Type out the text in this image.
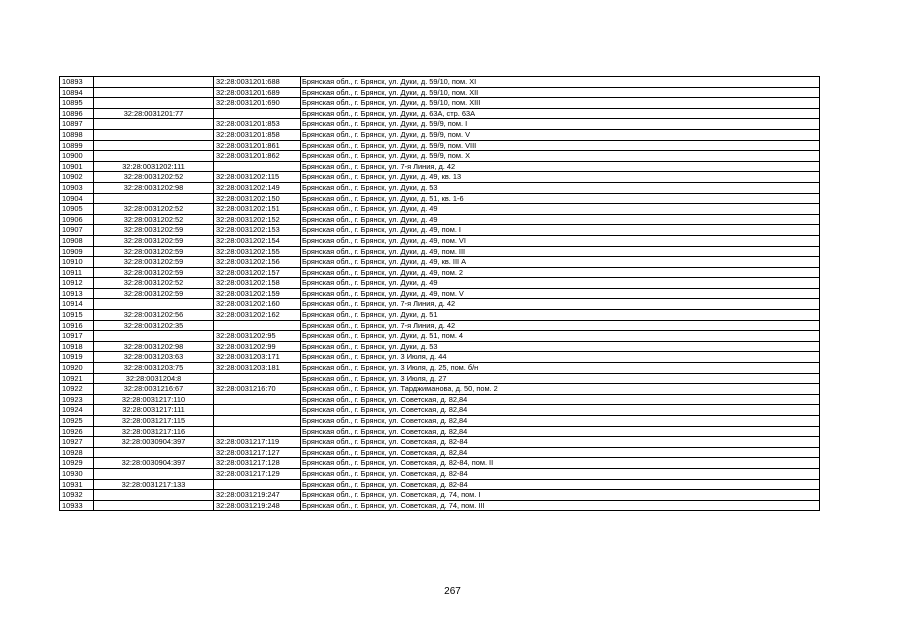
10893		32:28:0031201:688	Брянская обл., г. Брянск, ул. Дуки, д. 59/10, пом. XI
10894		32:28:0031201:689	Брянская обл., г. Брянск, ул. Дуки, д. 59/10, пом. XII
10895		32:28:0031201:690	Брянская обл., г. Брянск, ул. Дуки, д. 59/10, пом. XIII
10896	32:28:0031201:77		Брянская обл., г. Брянск, ул. Дуки, д. 63А, стр. 63А
10897		32:28:0031201:853	Брянская обл., г. Брянск, ул. Дуки, д. 59/9, пом. I
10898		32:28:0031201:858	Брянская обл., г. Брянск, ул. Дуки, д. 59/9, пом. V
10899		32:28:0031201:861	Брянская обл., г. Брянск, ул. Дуки, д. 59/9, пом. VIII
10900		32:28:0031201:862	Брянская обл., г. Брянск, ул. Дуки, д. 59/9, пом. X
10901	32:28:0031202:111		Брянская обл., г. Брянск, ул. 7-я Линия, д. 42
10902	32:28:0031202:52	32:28:0031202:115	Брянская обл., г. Брянск, ул. Дуки, д. 49, кв. 13
10903	32:28:0031202:98	32:28:0031202:149	Брянская обл., г. Брянск, ул. Дуки, д. 53
10904		32:28:0031202:150	Брянская обл., г. Брянск, ул. Дуки, д. 51, кв. 1-6
10905	32:28:0031202:52	32:28:0031202:151	Брянская обл., г. Брянск, ул. Дуки, д. 49
10906	32:28:0031202:52	32:28:0031202:152	Брянская обл., г. Брянск, ул. Дуки, д. 49
10907	32:28:0031202:59	32:28:0031202:153	Брянская обл., г. Брянск, ул. Дуки, д. 49, пом. I
10908	32:28:0031202:59	32:28:0031202:154	Брянская обл., г. Брянск, ул. Дуки, д. 49, пом. VI
10909	32:28:0031202:59	32:28:0031202:155	Брянская обл., г. Брянск, ул. Дуки, д. 49, пом. III
10910	32:28:0031202:59	32:28:0031202:156	Брянская обл., г. Брянск, ул. Дуки, д. 49, кв. III А
10911	32:28:0031202:59	32:28:0031202:157	Брянская обл., г. Брянск, ул. Дуки, д. 49, пом. 2
10912	32:28:0031202:52	32:28:0031202:158	Брянская обл., г. Брянск, ул. Дуки, д. 49
10913	32:28:0031202:59	32:28:0031202:159	Брянская обл., г. Брянск, ул. Дуки, д. 49, пом. V
10914		32:28:0031202:160	Брянская обл., г. Брянск, ул. 7-я Линия, д. 42
10915	32:28:0031202:56	32:28:0031202:162	Брянская обл., г. Брянск, ул. Дуки, д. 51
10916	32:28:0031202:35		Брянская обл., г. Брянск, ул. 7-я Линия, д. 42
10917		32:28:0031202:95	Брянская обл., г. Брянск, ул. Дуки, д. 51, пом. 4
10918	32:28:0031202:98	32:28:0031202:99	Брянская обл., г. Брянск, ул. Дуки, д. 53
10919	32:28:0031203:63	32:28:0031203:171	Брянская обл., г. Брянск, ул. 3 Июля, д. 44
10920	32:28:0031203:75	32:28:0031203:181	Брянская обл., г. Брянск, ул. 3 Июля, д. 25, пом. б/н
10921	32:28:0031204:8		Брянская обл., г. Брянск, ул. 3 Июля, д. 27
10922	32:28:0031216:67	32:28:0031216:70	Брянская обл., г. Брянск, ул. Тарджиманова, д. 50, пом. 2
10923	32:28:0031217:110		Брянская обл., г. Брянск, ул. Советская, д. 82,84
10924	32:28:0031217:111		Брянская обл., г. Брянск, ул. Советская, д. 82,84
10925	32:28:0031217:115		Брянская обл., г. Брянск, ул. Советская, д. 82,84
10926	32:28:0031217:116		Брянская обл., г. Брянск, ул. Советская, д. 82,84
10927	32:28:0030904:397	32:28:0031217:119	Брянская обл., г. Брянск, ул. Советская, д. 82-84
10928		32:28:0031217:127	Брянская обл., г. Брянск, ул. Советская, д. 82,84
10929	32:28:0030904:397	32:28:0031217:128	Брянская обл., г. Брянск, ул. Советская, д. 82-84, пом. II
10930		32:28:0031217:129	Брянская обл., г. Брянск, ул. Советская, д. 82-84
10931	32:28:0031217:133		Брянская обл., г. Брянск, ул. Советская, д. 82-84
10932		32:28:0031219:247	Брянская обл., г. Брянск, ул. Советская, д. 74, пом. I
10933		32:28:0031219:248	Брянская обл., г. Брянск, ул. Советская, д. 74, пом. III
267
